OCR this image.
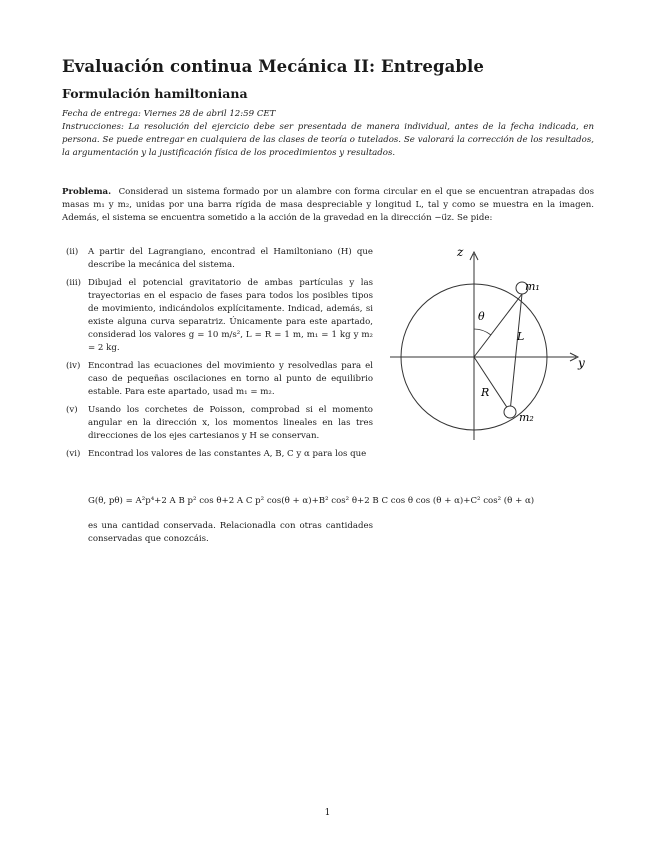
Evaluación continua Mecánica II: Entregable
Formulación hamiltoniana
Fecha de entrega: Viernes 28 de abril 12:59 CET
Instrucciones: La resolución del ejercicio debe ser presentada de manera individual, antes de la fecha indicada, en persona. Se puede entregar en cualquiera de las clases de teoría o tutelados. Se valorará la corrección de los resultados, la argumentación y la justificación física de los procedimientos y resultados.
Problema. Considerad un sistema formado por un alambre con forma circular en el que se encuentran atrapadas dos masas m₁ y m₂, unidas por una barra rígida de masa despreciable y longitud L, tal y como se muestra en la imagen. Además, el sistema se encuentra sometido a la acción de la gravedad en la dirección −u⃗z. Se pide:
(ii) A partir del Lagrangiano, encontrad el Hamiltoniano (H) que describe la mecánica del sistema.
(iii) Dibujad el potencial gravitatorio de ambas partículas y las trayectorias en el espacio de fases para todos los posibles tipos de movimiento, indicándolos explícitamente. Indicad, además, si existe alguna curva separatriz. Únicamente para este apartado, considerad los valores g = 10 m/s², L = R = 1 m, m₁ = 1 kg y m₂ = 2 kg.
(iv) Encontrad las ecuaciones del movimiento y resolvedlas para el caso de pequeñas oscilaciones en torno al punto de equilibrio estable. Para este apartado, usad m₁ = m₂.
(v) Usando los corchetes de Poisson, comprobad si el momento angular en la dirección x, los momentos lineales en las tres direcciones de los ejes cartesianos y H se conservan.
(vi) Encontrad los valores de las constantes A, B, C y α para los que
G(θ, pθ) = A²p⁴+2 A B p² cos θ+2 A C p² cos(θ + α)+B² cos² θ+2 B C cos θ cos (θ + α)+C² cos² (θ + α)
es una cantidad conservada. Relacionadla con otras cantidades conservadas que conozcáis.
z
y
m₁
m₂
θ
L
R
1
